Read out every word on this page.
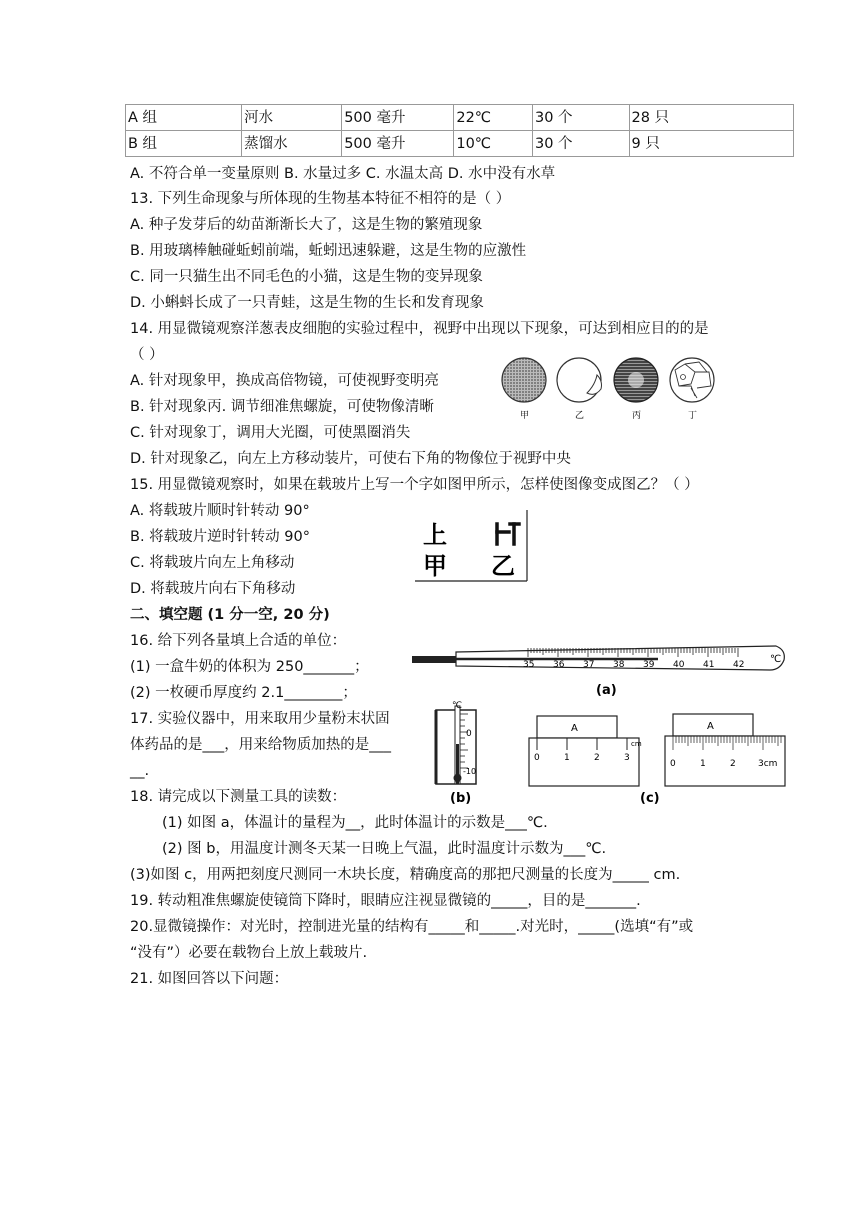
A 组	河水	500 毫升	22℃	30 个	28 只
B 组	蒸馏水	500 毫升	10℃	30 个	9 只
A. 不符合单一变量原则 B. 水量过多 C. 水温太高 D. 水中没有水草
13. 下列生命现象与所体现的生物基本特征不相符的是（ ）
A. 种子发芽后的幼苗渐渐长大了，这是生物的繁殖现象
B. 用玻璃棒触碰蚯蚓前端，蚯蚓迅速躲避，这是生物的应激性
C. 同一只猫生出不同毛色的小猫，这是生物的变异现象
D. 小蝌蚪长成了一只青蛙，这是生物的生长和发育现象
14. 用显微镜观察洋葱表皮细胞的实验过程中，视野中出现以下现象，可达到相应目的的是
（ ）
A. 针对现象甲，换成高倍物镜，可使视野变明亮
B. 针对现象丙. 调节细准焦螺旋，可使物像清晰
C. 针对现象丁，调用大光圈，可使黑圈消失
D. 针对现象乙，向左上方移动装片，可使右下角的物像位于视野中央
甲	乙	丙	丁
15. 用显微镜观察时，如果在载玻片上写一个字如图甲所示，怎样使图像变成图乙？（ ）
A. 将载玻片顺时针转动 90°
B. 将载玻片逆时针转动 90°
C. 将载玻片向左上角移动
D. 将载玻片向右下角移动
上
甲 乙
二、填空题 (1 分一空, 20 分)
16. 给下列各量填上合适的单位：
(1) 一盒牛奶的体积为 250_______；
(2) 一枚硬币厚度约 2.1________；
17. 实验仪器中，用来取用少量粉末状固
体药品的是___，用来给物质加热的是___
__.
35 36 37 38 39 40 41 42	℃
(a)
℃
0
-10
(b)
A
0	1	2	3
cm
A
0	1	2 3cm
(c)
18. 请完成以下测量工具的读数：
(1) 如图 a，体温计的量程为__，此时体温计的示数是___℃.
(2) 图 b，用温度计测冬天某一日晚上气温，此时温度计示数为___℃.
(3)如图 c，用两把刻度尺测同一木块长度，精确度高的那把尺测量的长度为_____ cm.
19. 转动粗准焦螺旋使镜筒下降时，眼睛应注视显微镜的_____，目的是_______.
20.显微镜操作：对光时，控制进光量的结构有_____和_____.对光时，_____(选填“有”或
“没有”）必要在载物台上放上载玻片.
21. 如图回答以下问题：
